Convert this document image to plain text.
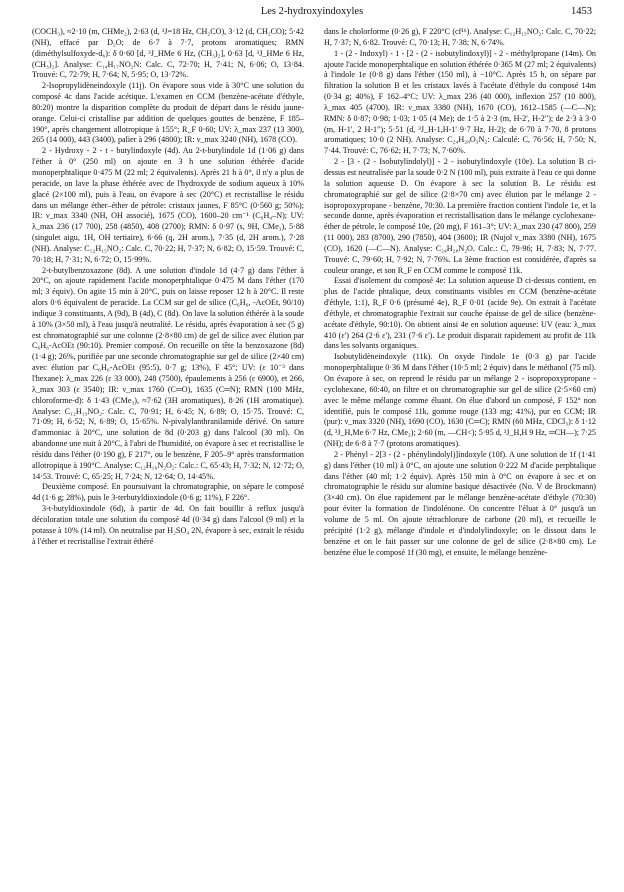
Les 2-hydroxyindoxyles	1453

(COCH₃), ≈2·10 (m, CHMe₂), 2·63 (d, ³J=18 Hz, CH₂CO), 3·12 (d, CH₂CO); 5·42 (NH), effacé par D₂O; de 6·7 à 7·7, protons aromatiques; RMN (diméthylsulfoxyde-d₆): δ 0·60 [d, ³J_HMe 6 Hz, (CH₃)₂], 0·63 [d, ³J_HMe 6 Hz, (CH₃)₂]. Analyse: C₁₄H₁₇NO₂N: Calc. C, 72·70; H, 7·41; N, 6·06; O, 13·84. Trouvé: C, 72·79; H, 7·64; N, 5·95; O, 13·72%.

2-Isopropylidèneindoxyle (11j). On évapore sous vide à 30°C une solution du composé 4c dans l'acide acétique. L'examen en CCM (benzène-acétate d'éthyle, 80:20) montre la disparition complète du produit de départ dans le résidu jaune-orange. Celui-ci cristallise par addition de quelques gouttes de benzène, F 185–190°, après changement allotropique à 155°; R_F 0·60; UV: λ_max 237 (13 300), 265 (14 000), 443 (3400), palier à 296 (4800); IR: ν_max 3240 (NH), 1678 (CO).

2 - Hydroxy - 2 - t - butylindoxyle (4d). Au 2-t-butylindole 1d (1·06 g) dans l'éther à 0° (250 ml) on ajoute en 3 h une solution éthérée d'acide monoperphtalique 0·475 M (22 ml; 2 équivalents). Après 21 h à 0°, il n'y a plus de peracide, on lave la phase éthérée avec de l'hydroxyde de sodium aqueux à 10% glacé (2×100 ml), puis à l'eau, on évapore à sec (20°C) et recristallise le résidu dans un mélange éther–éther de pétrole: cristaux jaunes, F 85°C (0·560 g; 50%); IR: ν_max 3340 (NH, OH associé), 1675 (CO), 1600–20 cm⁻¹ (C₆H₄–N); UV: λ_max 236 (17 700), 258 (4850), 408 (2700); RMN: δ 0·97 (s, 9H, CMe₃), 5·88 (singulet aigu, 1H, OH tertiaire), 6·66 (q, 2H arom.), 7·35 (d, 2H arom.), 7·28 (NH). Analyse: C₁₂H₁₅NO₂: Calc. C, 70·22; H, 7·37; N, 6·82; O, 15·59. Trouvé: C, 70·18; H, 7·31; N, 6·72; O, 15·99%.

2-t-butylbenzoxazone (8d). A une solution d'indole 1d (4·7 g) dans l'éther à 20°C, on ajoute rapidement l'acide monoperphtalique 0·475 M dans l'éther (170 ml; 3 équiv). On agite 15 min à 20°C, puis on laisse reposer 12 h à 20°C. Il reste alors 0·6 équivalent de peracide. La CCM sur gel de silice (C₆H₆, -AcOEt, 90/10) indique 3 constituants, A (9d), B (4d), C (8d). On lave la solution éthérée à la soude à 10% (3×50 ml), à l'eau jusqu'à neutralité. Le résidu, après évaporation à sec (5 g) est chromatographié sur une colonne (2·8×80 cm) de gel de silice avec élution par C₆H₆-AcOEt (90:10). Premier composé. On recueille on tête la benzoxazone (8d) (1·4 g); 26%, purifiée par une seconde chromatographie sur gel de silice (2×40 cm) avec élution par C₆H₆-AcOEt (95:5), 0·7 g; 13%), F 45°; UV: (ε 10⁻³ dans l'hexane): λ_max 226 (ε 33 000), 248 (7500), épaulements à 256 (ε 6900), et 266, λ_max 303 (ε 3540); IR: ν_max 1760 (C═O), 1635 (C═N); RMN (100 MHz, chloroforme-d): δ 1·43 (CMe₃), ≈7·62 (3H aromatiques), 8·26 (1H aromatique). Analyse: C₁₂H₁₃NO₂: Calc. C, 70·91; H, 6·45; N, 6·89; O, 15·75. Trouvé: C, 71·09; H, 6·52; N, 6·89; O, 15·65%. N-pivalylanthranilamide dérivé. On sature d'ammoniac à 20°C, une solution de 8d (0·203 g) dans l'alcool (30 ml). On abandonne une nuit à 20°C, à l'abri de l'humidité, on évapore à sec et recristallise le résidu dans l'éther (0·190 g), F 217°, ou le benzène, F 205–9° après transformation allotropique à 190°C. Analyse: C₁₂H₁₆N₂O₂: Calc.: C, 65·43; H, 7·32; N, 12·72; O, 14·53. Trouvé: C, 65·25; H, 7·24; N, 12·64; O, 14·45%.

Deuxième composé. En poursuivant la chromatographie, on sépare le composé 4d (1·6 g; 28%), puis le 3-terbutyldioxindole (0·6 g; 11%), F 226°.

3-t-butyldioxindole (6d), à partir de 4d. On fait bouillir à reflux jusqu'à décoloration totale une solution du composé 4d (0·34 g) dans l'alcool (9 ml) et la potasse à 10% (14 ml). On neutralise par H₂SO₄ 2N, évapore à sec, extrait le résidu à l'éther et recristallise l'extrait éthéré

dans le cholorforme (0·26 g), F 220°C (cf¹⁶). Analyse: C₁₂H₁₅NO₂: Calc. C, 70·22; H, 7·37; N, 6·82. Trouvé: C, 70·13; H, 7·38; N, 6·74%.

1 - (2 - Indoxyl) - 1 - [2 - (2 - isobutylindoxyl)] - 2 - méthylpropane (14m). On ajoute l'acide monoperphtalique en solution éthérée 0·365 M (27 ml; 2 équivalents) à l'indole 1e (0·8 g) dans l'éther (150 ml), à −10°C. Après 15 h, on sépare par filtration la solution B et les cristaux lavés à l'acétate d'éthyle du composé 14m (0·34 g; 40%), F 162–4°C; UV: λ_max 236 (40 000), inflexion 257 (10 800), λ_max 405 (4700). IR: ν_max 3380 (NH), 1670 (CO), 1612–1585 (—C—N); RMN: δ 0·87; 0·98; 1·03; 1·05 (4 Me); de 1·5 à 2·3 (m, H-2', H-2″); de 2·3 à 3·0 (m, H-1', 2 H-1″); 5·51 (d, ³J_H-1,H-1' 9·7 Hz, H-2); de 6·70 à 7·70, 8 protons aromatiques; 10·0 (2 NH). Analyse: C₂₄H₂₈O₃N₂: Calculé: C, 76·56; H, 7·50; N, 7·44. Trouvé: C, 76·62; H, 7·73; N, 7·60%.

2 - [3 - (2 - Isobutylindolyl)] - 2 - isobutylindoxyle (10e). La solution B ci-dessus est neutralisée par la soude 0·2 N (100 ml), puis extraite à l'eau ce qui donne la solution aqueuse D. On évapore à sec la solution B. Le résidu est chromatographié sur gel de silice (2·8×70 cm) avec élution par le mélange 2 - isopropoxypropane - benzène, 70:30. La première fraction contient l'indole 1e, et la seconde donne, après évaporation et recristallisation dans le mélange cyclohexane-éther de pétrole, le composé 10e, (20 mg), F 161–3°; UV: λ_max 230 (47 800), 259 (11 000), 283 (8700), 290 (7850), 404 (3600); IR (Nujol ν_max 3380 (NH), 1675 (CO), 1620 (—C—N). Analyse: C₂₄H₂₈N₂O. Calc.: C, 79·96; H, 7·83; N, 7·77. Trouvé: C, 79·60; H, 7·92; N, 7·76%. La 3ème fraction est considérée, d'après sa couleur orange, et son R_F en CCM comme le composé 11k.

Essai d'isolement du composé 4e: La solution aqueuse D ci-dessus contient, en plus de l'acide phtalique, deux constituants visibles en CCM (benzène-acétate d'éthyle, 1:1), R_F 0·6 (présumé 4e), R_F 0·01 (acide 9e). On extrait à l'acétate d'éthyle, et chromatographie l'extrait sur couche épaisse de gel de silice (benzène-acétate d'éthyle, 90:10). On obtient ainsi 4e en solution aqueuse: UV (eau: λ_max 410 (ε') 264 (2·6 ε'), 231 (7·6 ε'). Le produit disparait rapidement au profit de 11k dans les solvants organiques.

Isobutylidèneindoxyle (11k). On oxyde l'indole 1e (0·3 g) par l'acide monoperphtalique 0·36 M dans l'éther (10·5 ml; 2 équiv) dans le méthanol (75 ml). On évapore à sec, on reprend le résidu par un mélange 2 - isopropoxypropane - cyclohexane, 60:40, on filtre et on chromatographie sur gel de silice (2·5×60 cm) avec le même mélange comme éluant. On élue d'abord un composé, F 152° non identifié, puis le composé 11k, gomme rouge (133 mg; 41%), pur en CCM; IR (pur): ν_max 3320 (NH), 1690 (CO), 1630 (C═C); RMN (60 MHz, CDCl₃): δ 1·12 (d, ³J_H,Me 6·7 Hz, CMe₂); 2·60 (m, —CH<); 5·95 d, ³J_H,H 9 Hz, ═CH—); 7·25 (NH); de 6·8 à 7·7 (protons aromatiques).

2 - Phényl - 2[3 - (2 - phénylindolyl)]indoxyle (10f). A une solution de 1f (1·41 g) dans l'éther (10 ml) à 0°C, on ajoute une solution 0·222 M d'acide perphtalique dans l'éther (40 ml; 1·2 équiv). Après 150 min à 0°C on évapore à sec et on chromatographie le résidu sur alumine basique désactivée (No. V de Brockmann) (3×40 cm). On élue rapidement par le mélange benzène-acétate d'éthyle (70:30) pour éviter la formation de l'indolénone. On concentre l'éluat à 0° jusqu'à un volume de 5 ml. On ajoute tétrachlorure de carbone (20 ml), et recueille le précipité (1·2 g), mélange d'indole et d'indolylindoxyle; on le dissout dans le benzène et on le fait passer sur une colonne de gel de silice (2·8×80 cm). Le benzène élue le composé 1f (30 mg), et ensuite, le mélange benzène-
